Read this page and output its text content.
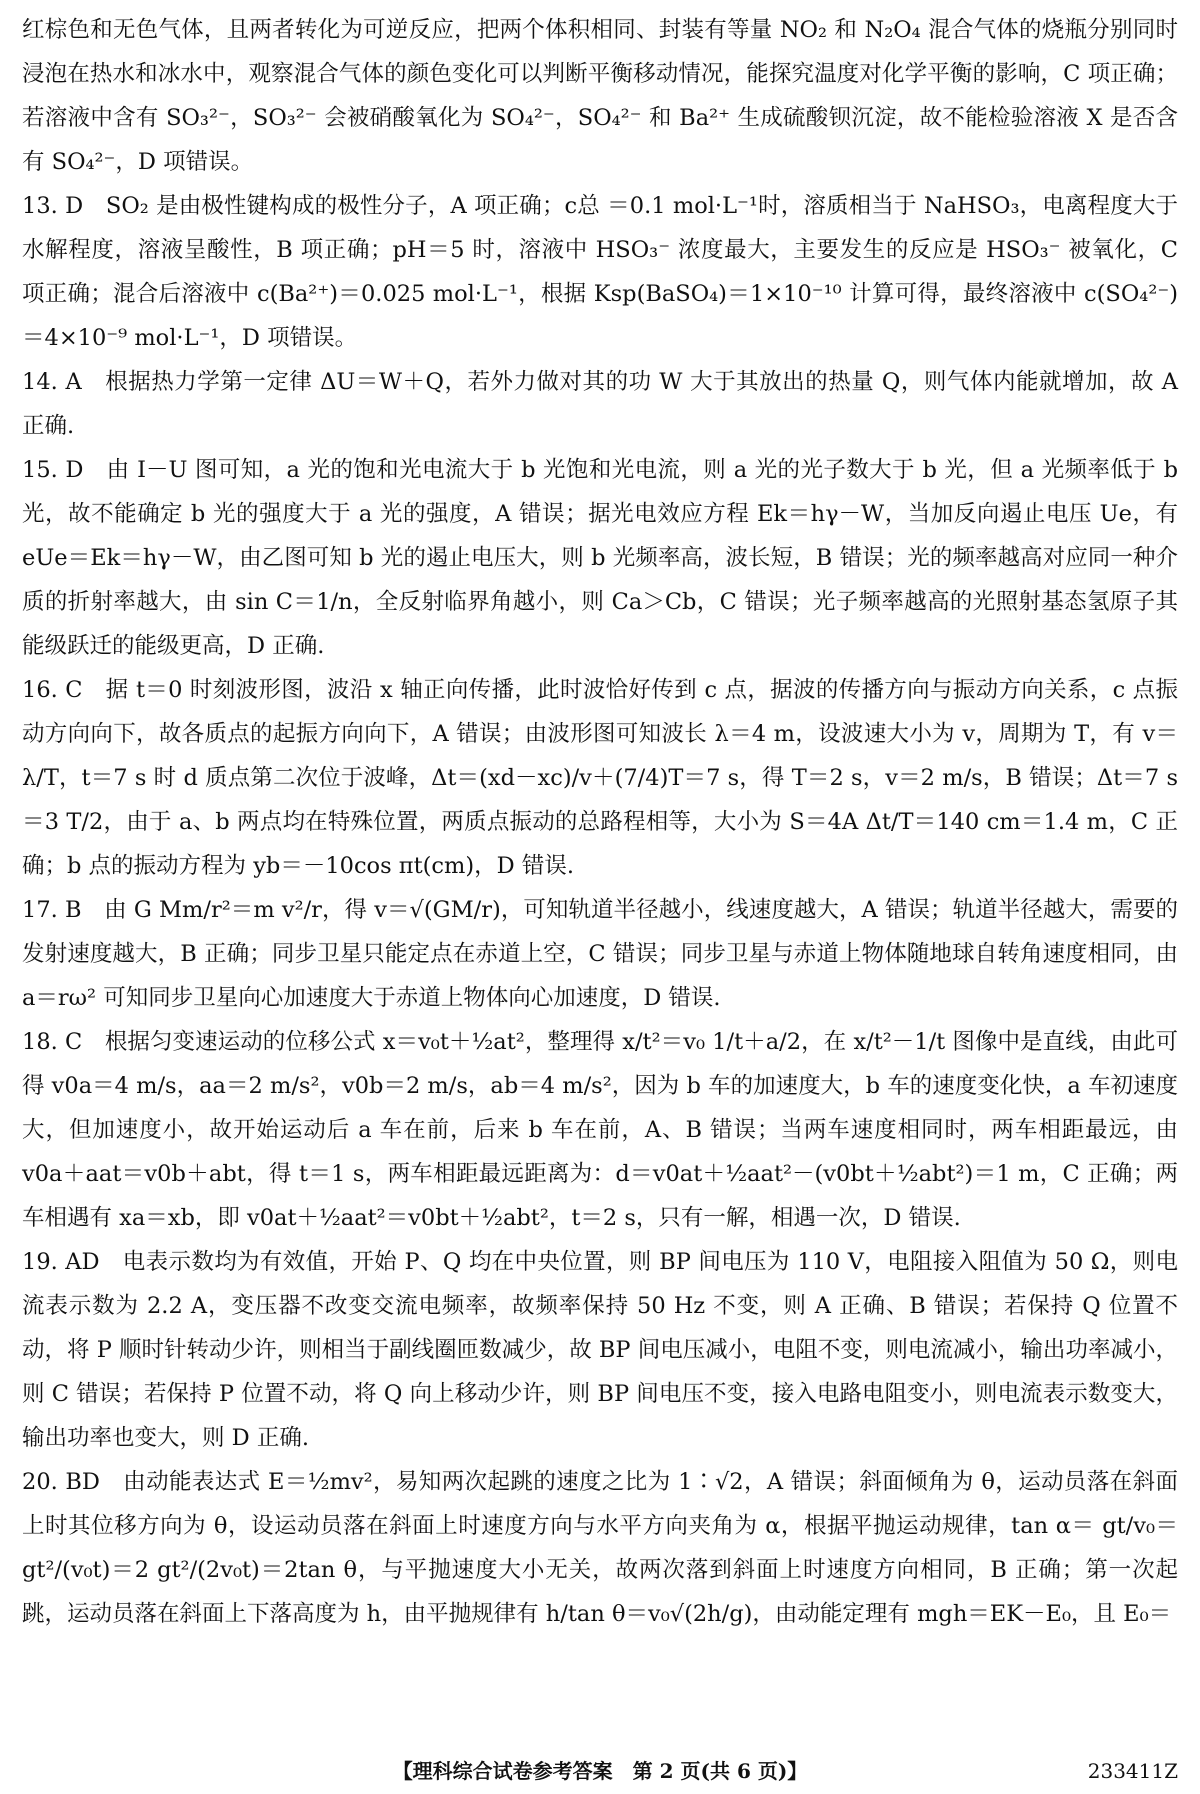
红棕色和无色气体，且两者转化为可逆反应，把两个体积相同、封装有等量 NO₂ 和 N₂O₄ 混合气体的烧瓶分别同时浸泡在热水和冰水中，观察混合气体的颜色变化可以判断平衡移动情况，能探究温度对化学平衡的影响，C 项正确；若溶液中含有 SO₃²⁻，SO₃²⁻ 会被硝酸氧化为 SO₄²⁻，SO₄²⁻ 和 Ba²⁺ 生成硫酸钡沉淀，故不能检验溶液 X 是否含有 SO₄²⁻，D 项错误。

13. D　SO₂ 是由极性键构成的极性分子，A 项正确；c总 ＝0.1 mol·L⁻¹时，溶质相当于 NaHSO₃，电离程度大于水解程度，溶液呈酸性，B 项正确；pH＝5 时，溶液中 HSO₃⁻ 浓度最大，主要发生的反应是 HSO₃⁻ 被氧化，C 项正确；混合后溶液中 c(Ba²⁺)＝0.025 mol·L⁻¹，根据 Ksp(BaSO₄)＝1×10⁻¹⁰ 计算可得，最终溶液中 c(SO₄²⁻)＝4×10⁻⁹ mol·L⁻¹，D 项错误。

14. A　根据热力学第一定律 ΔU＝W＋Q，若外力做对其的功 W 大于其放出的热量 Q，则气体内能就增加，故 A 正确.

15. D　由 I－U 图可知，a 光的饱和光电流大于 b 光饱和光电流，则 a 光的光子数大于 b 光，但 a 光频率低于 b 光，故不能确定 b 光的强度大于 a 光的强度，A 错误；据光电效应方程 Ek＝hγ－W，当加反向遏止电压 Ue，有 eUe＝Ek＝hγ－W，由乙图可知 b 光的遏止电压大，则 b 光频率高，波长短，B 错误；光的频率越高对应同一种介质的折射率越大，由 sin C＝1/n，全反射临界角越小，则 Ca＞Cb，C 错误；光子频率越高的光照射基态氢原子其能级跃迁的能级更高，D 正确.

16. C　据 t＝0 时刻波形图，波沿 x 轴正向传播，此时波恰好传到 c 点，据波的传播方向与振动方向关系，c 点振动方向向下，故各质点的起振方向向下，A 错误；由波形图可知波长 λ＝4 m，设波速大小为 v，周期为 T，有 v＝λ/T，t＝7 s 时 d 质点第二次位于波峰，Δt＝(xd－xc)/v＋(7/4)T＝7 s，得 T＝2 s，v＝2 m/s，B 错误；Δt＝7 s＝3 T/2，由于 a、b 两点均在特殊位置，两质点振动的总路程相等，大小为 S＝4A Δt/T＝140 cm＝1.4 m，C 正确；b 点的振动方程为 yb＝－10cos πt(cm)，D 错误.

17. B　由 G Mm/r²＝m v²/r，得 v＝√(GM/r)，可知轨道半径越小，线速度越大，A 错误；轨道半径越大，需要的发射速度越大，B 正确；同步卫星只能定点在赤道上空，C 错误；同步卫星与赤道上物体随地球自转角速度相同，由 a＝rω² 可知同步卫星向心加速度大于赤道上物体向心加速度，D 错误.

18. C　根据匀变速运动的位移公式 x＝v₀t＋½at²，整理得 x/t²＝v₀ 1/t＋a/2，在 x/t²－1/t 图像中是直线，由此可得 v0a＝4 m/s，aa＝2 m/s²，v0b＝2 m/s，ab＝4 m/s²，因为 b 车的加速度大，b 车的速度变化快，a 车初速度大，但加速度小，故开始运动后 a 车在前，后来 b 车在前，A、B 错误；当两车速度相同时，两车相距最远，由 v0a＋aat＝v0b＋abt，得 t＝1 s，两车相距最远距离为：d＝v0at＋½aat²－(v0bt＋½abt²)＝1 m，C 正确；两车相遇有 xa＝xb，即 v0at＋½aat²＝v0bt＋½abt²，t＝2 s，只有一解，相遇一次，D 错误.

19. AD　电表示数均为有效值，开始 P、Q 均在中央位置，则 BP 间电压为 110 V，电阻接入阻值为 50 Ω，则电流表示数为 2.2 A，变压器不改变交流电频率，故频率保持 50 Hz 不变，则 A 正确、B 错误；若保持 Q 位置不动，将 P 顺时针转动少许，则相当于副线圈匝数减少，故 BP 间电压减小，电阻不变，则电流减小，输出功率减小，则 C 错误；若保持 P 位置不动，将 Q 向上移动少许，则 BP 间电压不变，接入电路电阻变小，则电流表示数变大，输出功率也变大，则 D 正确.

20. BD　由动能表达式 E＝½mv²，易知两次起跳的速度之比为 1∶√2，A 错误；斜面倾角为 θ，运动员落在斜面上时其位移方向为 θ，设运动员落在斜面上时速度方向与水平方向夹角为 α，根据平抛运动规律，tan α＝ gt/v₀＝gt²/(v₀t)＝2 gt²/(2v₀t)＝2tan θ，与平抛速度大小无关，故两次落到斜面上时速度方向相同，B 正确；第一次起跳，运动员落在斜面上下落高度为 h，由平抛规律有 h/tan θ＝v₀√(2h/g)，由动能定理有 mgh＝EK－E₀，且 E₀＝

【理科综合试卷参考答案　第 2 页(共 6 页)】	233411Z
